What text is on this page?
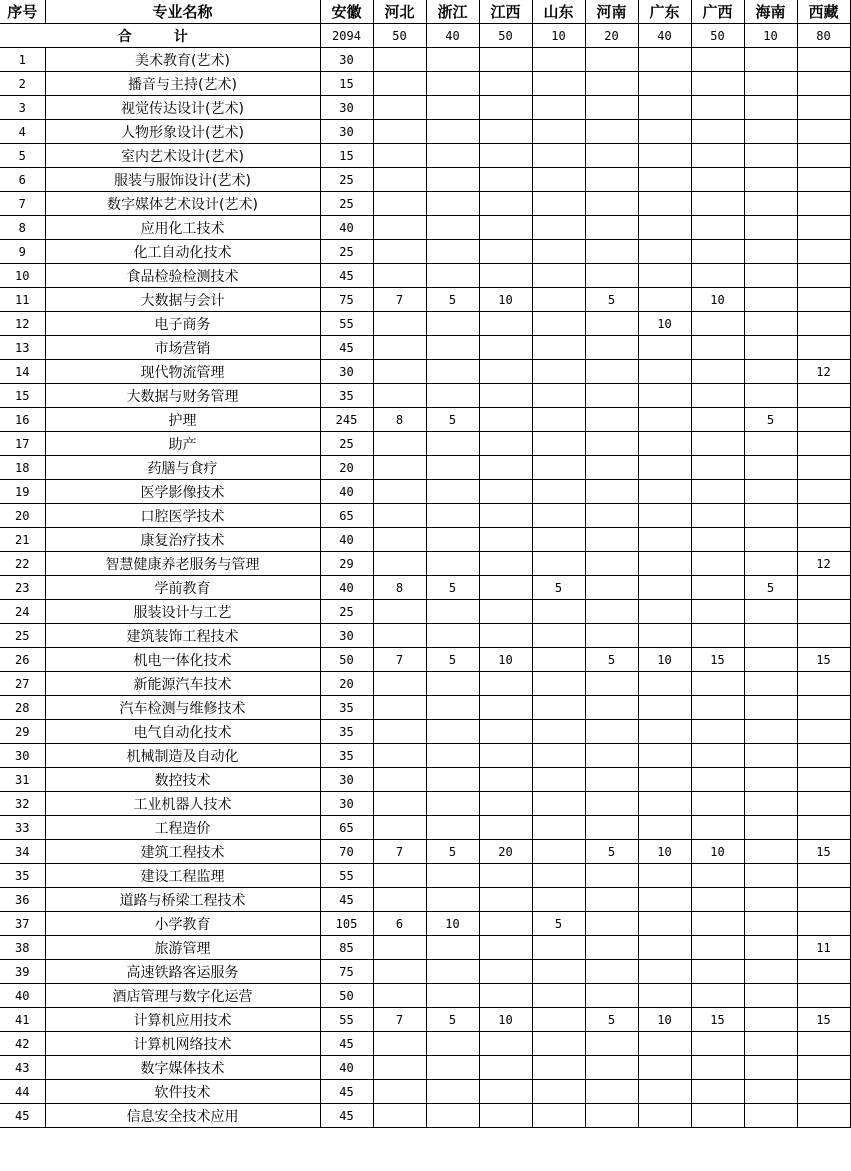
序号	专业名称	安徽	河北	浙江	江西	山东	河南	广东	广西	海南	西藏
合　计		2094	50	40	50	10	20	40	50	10	80
1	美术教育(艺术)	30									
2	播音与主持(艺术)	15									
3	视觉传达设计(艺术)	30									
4	人物形象设计(艺术)	30									
5	室内艺术设计(艺术)	15									
6	服装与服饰设计(艺术)	25									
7	数字媒体艺术设计(艺术)	25									
8	应用化工技术	40									
9	化工自动化技术	25									
10	食品检验检测技术	45									
11	大数据与会计	75	7	5	10		5		10		
12	电子商务	55						10			
13	市场营销	45									
14	现代物流管理	30									12
15	大数据与财务管理	35									
16	护理	245	8	5						5	
17	助产	25									
18	药膳与食疗	20									
19	医学影像技术	40									
20	口腔医学技术	65									
21	康复治疗技术	40									
22	智慧健康养老服务与管理	29									12
23	学前教育	40	8	5		5				5	
24	服装设计与工艺	25									
25	建筑装饰工程技术	30									
26	机电一体化技术	50	7	5	10		5	10	15		15
27	新能源汽车技术	20									
28	汽车检测与维修技术	35									
29	电气自动化技术	35									
30	机械制造及自动化	35									
31	数控技术	30									
32	工业机器人技术	30									
33	工程造价	65									
34	建筑工程技术	70	7	5	20		5	10	10		15
35	建设工程监理	55									
36	道路与桥梁工程技术	45									
37	小学教育	105	6	10		5					
38	旅游管理	85									11
39	高速铁路客运服务	75									
40	酒店管理与数字化运营	50									
41	计算机应用技术	55	7	5	10		5	10	15		15
42	计算机网络技术	45									
43	数字媒体技术	40									
44	软件技术	45									
45	信息安全技术应用	45									
